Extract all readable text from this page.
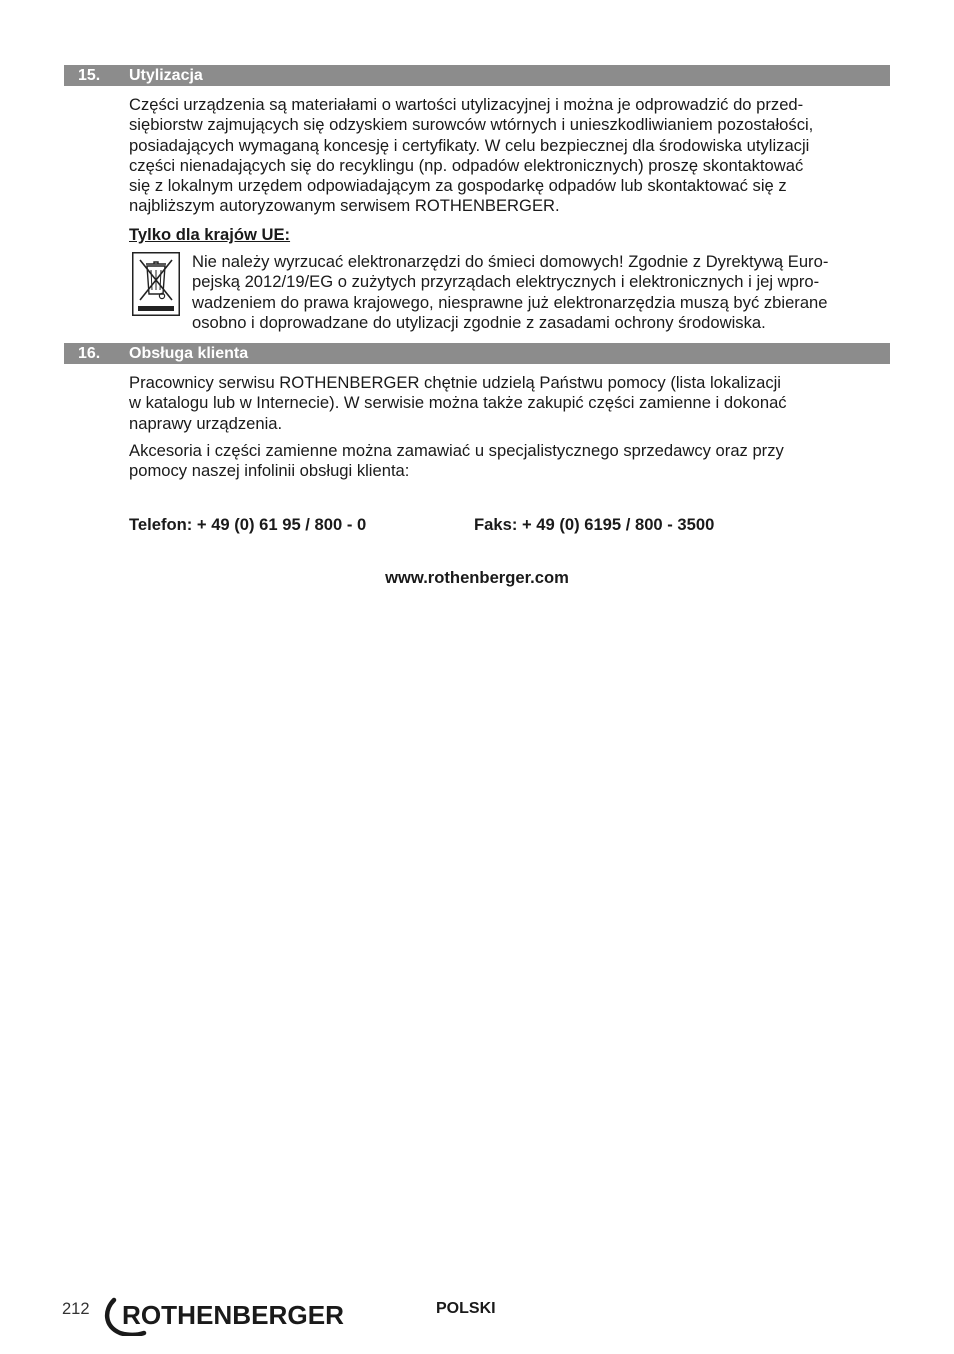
15. Utylizacja

Części urządzenia są materiałami o wartości utylizacyjnej i można je odprowadzić do przed-
siębiorstw zajmujących się odzyskiem surowców wtórnych i unieszkodliwianiem pozostałości,
posiadających wymaganą koncesję i certyfikaty. W celu bezpiecznej dla środowiska utylizacji
części nienadających się do recyklingu (np. odpadów elektronicznych) proszę skontaktować
się z lokalnym urzędem odpowiadającym za gospodarkę odpadów lub skontaktować się z
najbliższym autoryzowanym serwisem ROTHENBERGER.

Tylko dla krajów UE:

Nie należy wyrzucać elektronarzędzi do śmieci domowych! Zgodnie z Dyrektywą Euro-
pejską 2012/19/EG o zużytych przyrządach elektrycznych i elektronicznych i jej wpro-
wadzeniem do prawa krajowego, niesprawne już elektronarzędzia muszą być zbierane
osobno i doprowadzane do utylizacji zgodnie z zasadami ochrony środowiska.

16. Obsługa klienta

Pracownicy serwisu ROTHENBERGER chętnie udzielą Państwu pomocy (lista lokalizacji
w katalogu lub w Internecie). W serwisie można także zakupić części zamienne i dokonać
naprawy urządzenia.

Akcesoria i części zamienne można zamawiać u specjalistycznego sprzedawcy oraz przy
pomocy naszej infolinii obsługi klienta:

Telefon: + 49 (0) 61 95 / 800 - 0	Faks: + 49 (0) 6195 / 800 - 3500
www.rothenberger.com
212 ROTHENBERGER	POLSKI
